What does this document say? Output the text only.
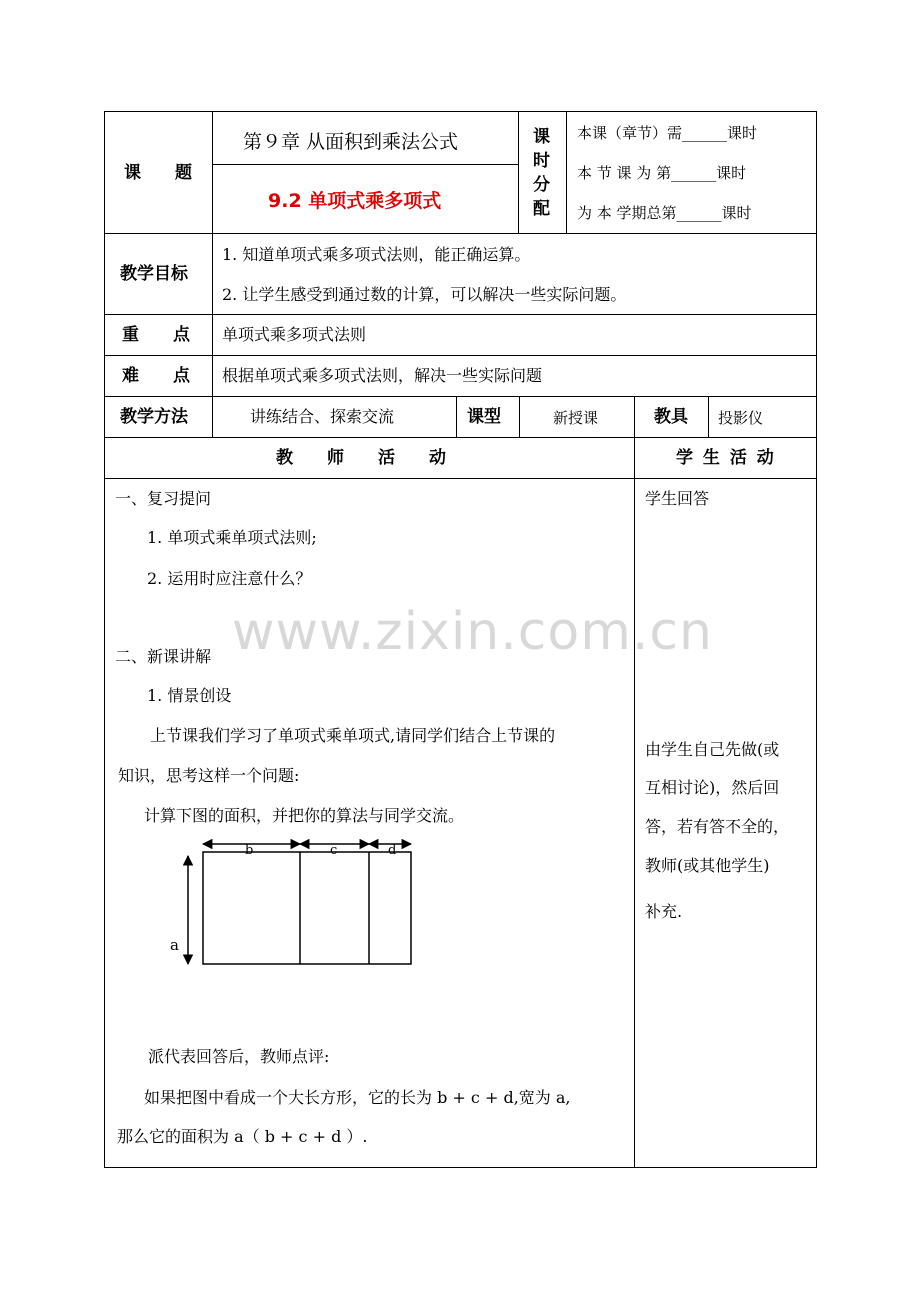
课　　题
第９章 从面积到乘法公式
9.2 单项式乘多项式
课
时
分
配
本课（章节）需______课时
本 节 课 为 第______课时
为 本 学期总第______课时
教学目标
1. 知道单项式乘多项式法则，能正确运算。
2. 让学生感受到通过数的计算，可以解决一些实际问题。
重　　点 单项式乘多项式法则
难　　点 根据单项式乘多项式法则，解决一些实际问题
教学方法	讲练结合、探索交流	课型	新授课	教具 投影仪
教　　师　　活　　动	学 生 活 动
www.zixin.com.cn
一、复习提问
1. 单项式乘单项式法则;
2. 运用时应注意什么？
二、新课讲解
1. 情景创设
上节课我们学习了单项式乘单项式,请同学们结合上节课的
知识，思考这样一个问题:
计算下图的面积，并把你的算法与同学交流。
b	c	d
a
派代表回答后，教师点评:
如果把图中看成一个大长方形，它的长为 b + c + d,宽为 a,
那么它的面积为 a（ b + c + d ）.
学生回答
由学生自己先做(或
互相讨论)，然后回
答，若有答不全的，
教师(或其他学生)
补充.
